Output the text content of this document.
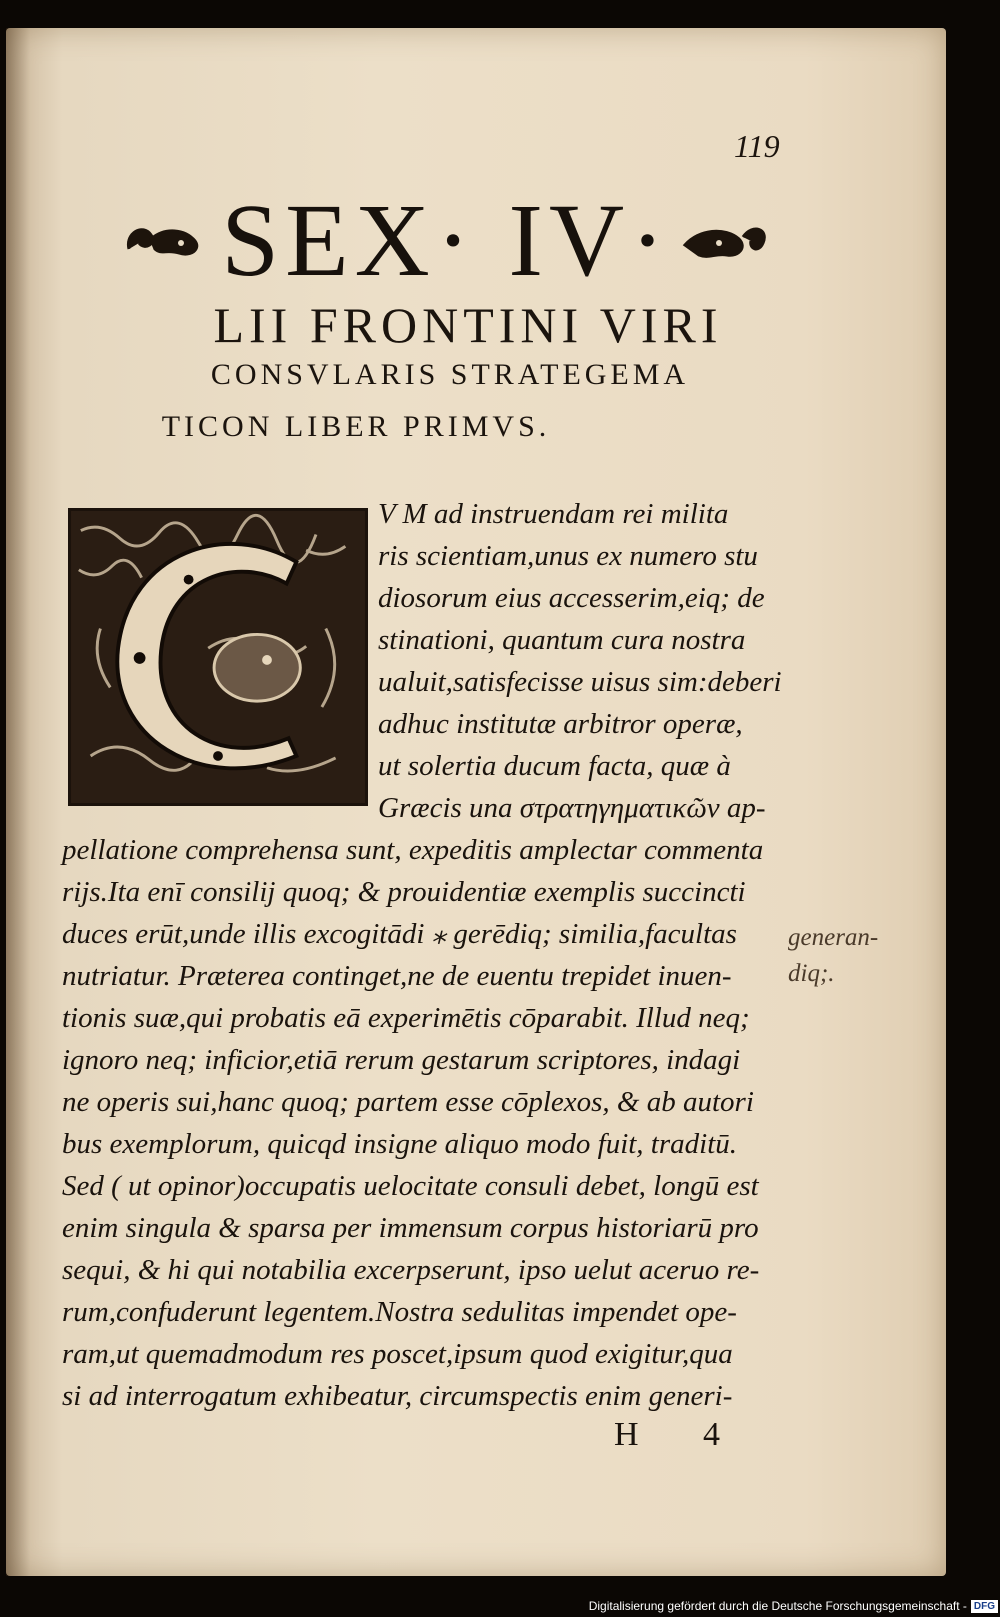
119
SEX· IV·
LII FRONTINI VIRI
CONSVLARIS STRATEGEMA
TICON LIBER PRIMVS.
V M ad instruendam rei milita
ris scientiam,unus ex numero stu
diosorum eius accesserim,eiq; de
stinationi, quantum cura nostra
ualuit,satisfecisse uisus sim:deberi
adhuc institutæ arbitror operæ,
ut solertia ducum facta, quæ à
Græcis una στρατηγηματικῶν ap-
pellatione comprehensa sunt, expeditis amplectar commenta
rijs.Ita enī consilij quoq; & prouidentiæ exemplis succincti
duces erūt,unde illis excogitādi ⁎ gerēdiq; similia,facultas
nutriatur. Præterea continget,ne de euentu trepidet inuen-
tionis suæ,qui probatis eā experimētis cōparabit. Illud neq;
ignoro neq; inficior,etiā rerum gestarum scriptores, indagi
ne operis sui,hanc quoq; partem esse cōplexos, & ab autori
bus exemplorum, quicqd insigne aliquo modo fuit, traditū.
Sed ( ut opinor)occupatis uelocitate consuli debet, longū est
enim singula & sparsa per immensum corpus historiarū pro
sequi, & hi qui notabilia excerpserunt, ipso uelut aceruo re-
rum,confuderunt legentem.Nostra sedulitas impendet ope-
ram,ut quemadmodum res poscet,ipsum quod exigitur,qua
si ad interrogatum exhibeatur, circumspectis enim generi-
generan-
diq;.
H 4
Digitalisierung gefördert durch die Deutsche Forschungsgemeinschaft - DFG
